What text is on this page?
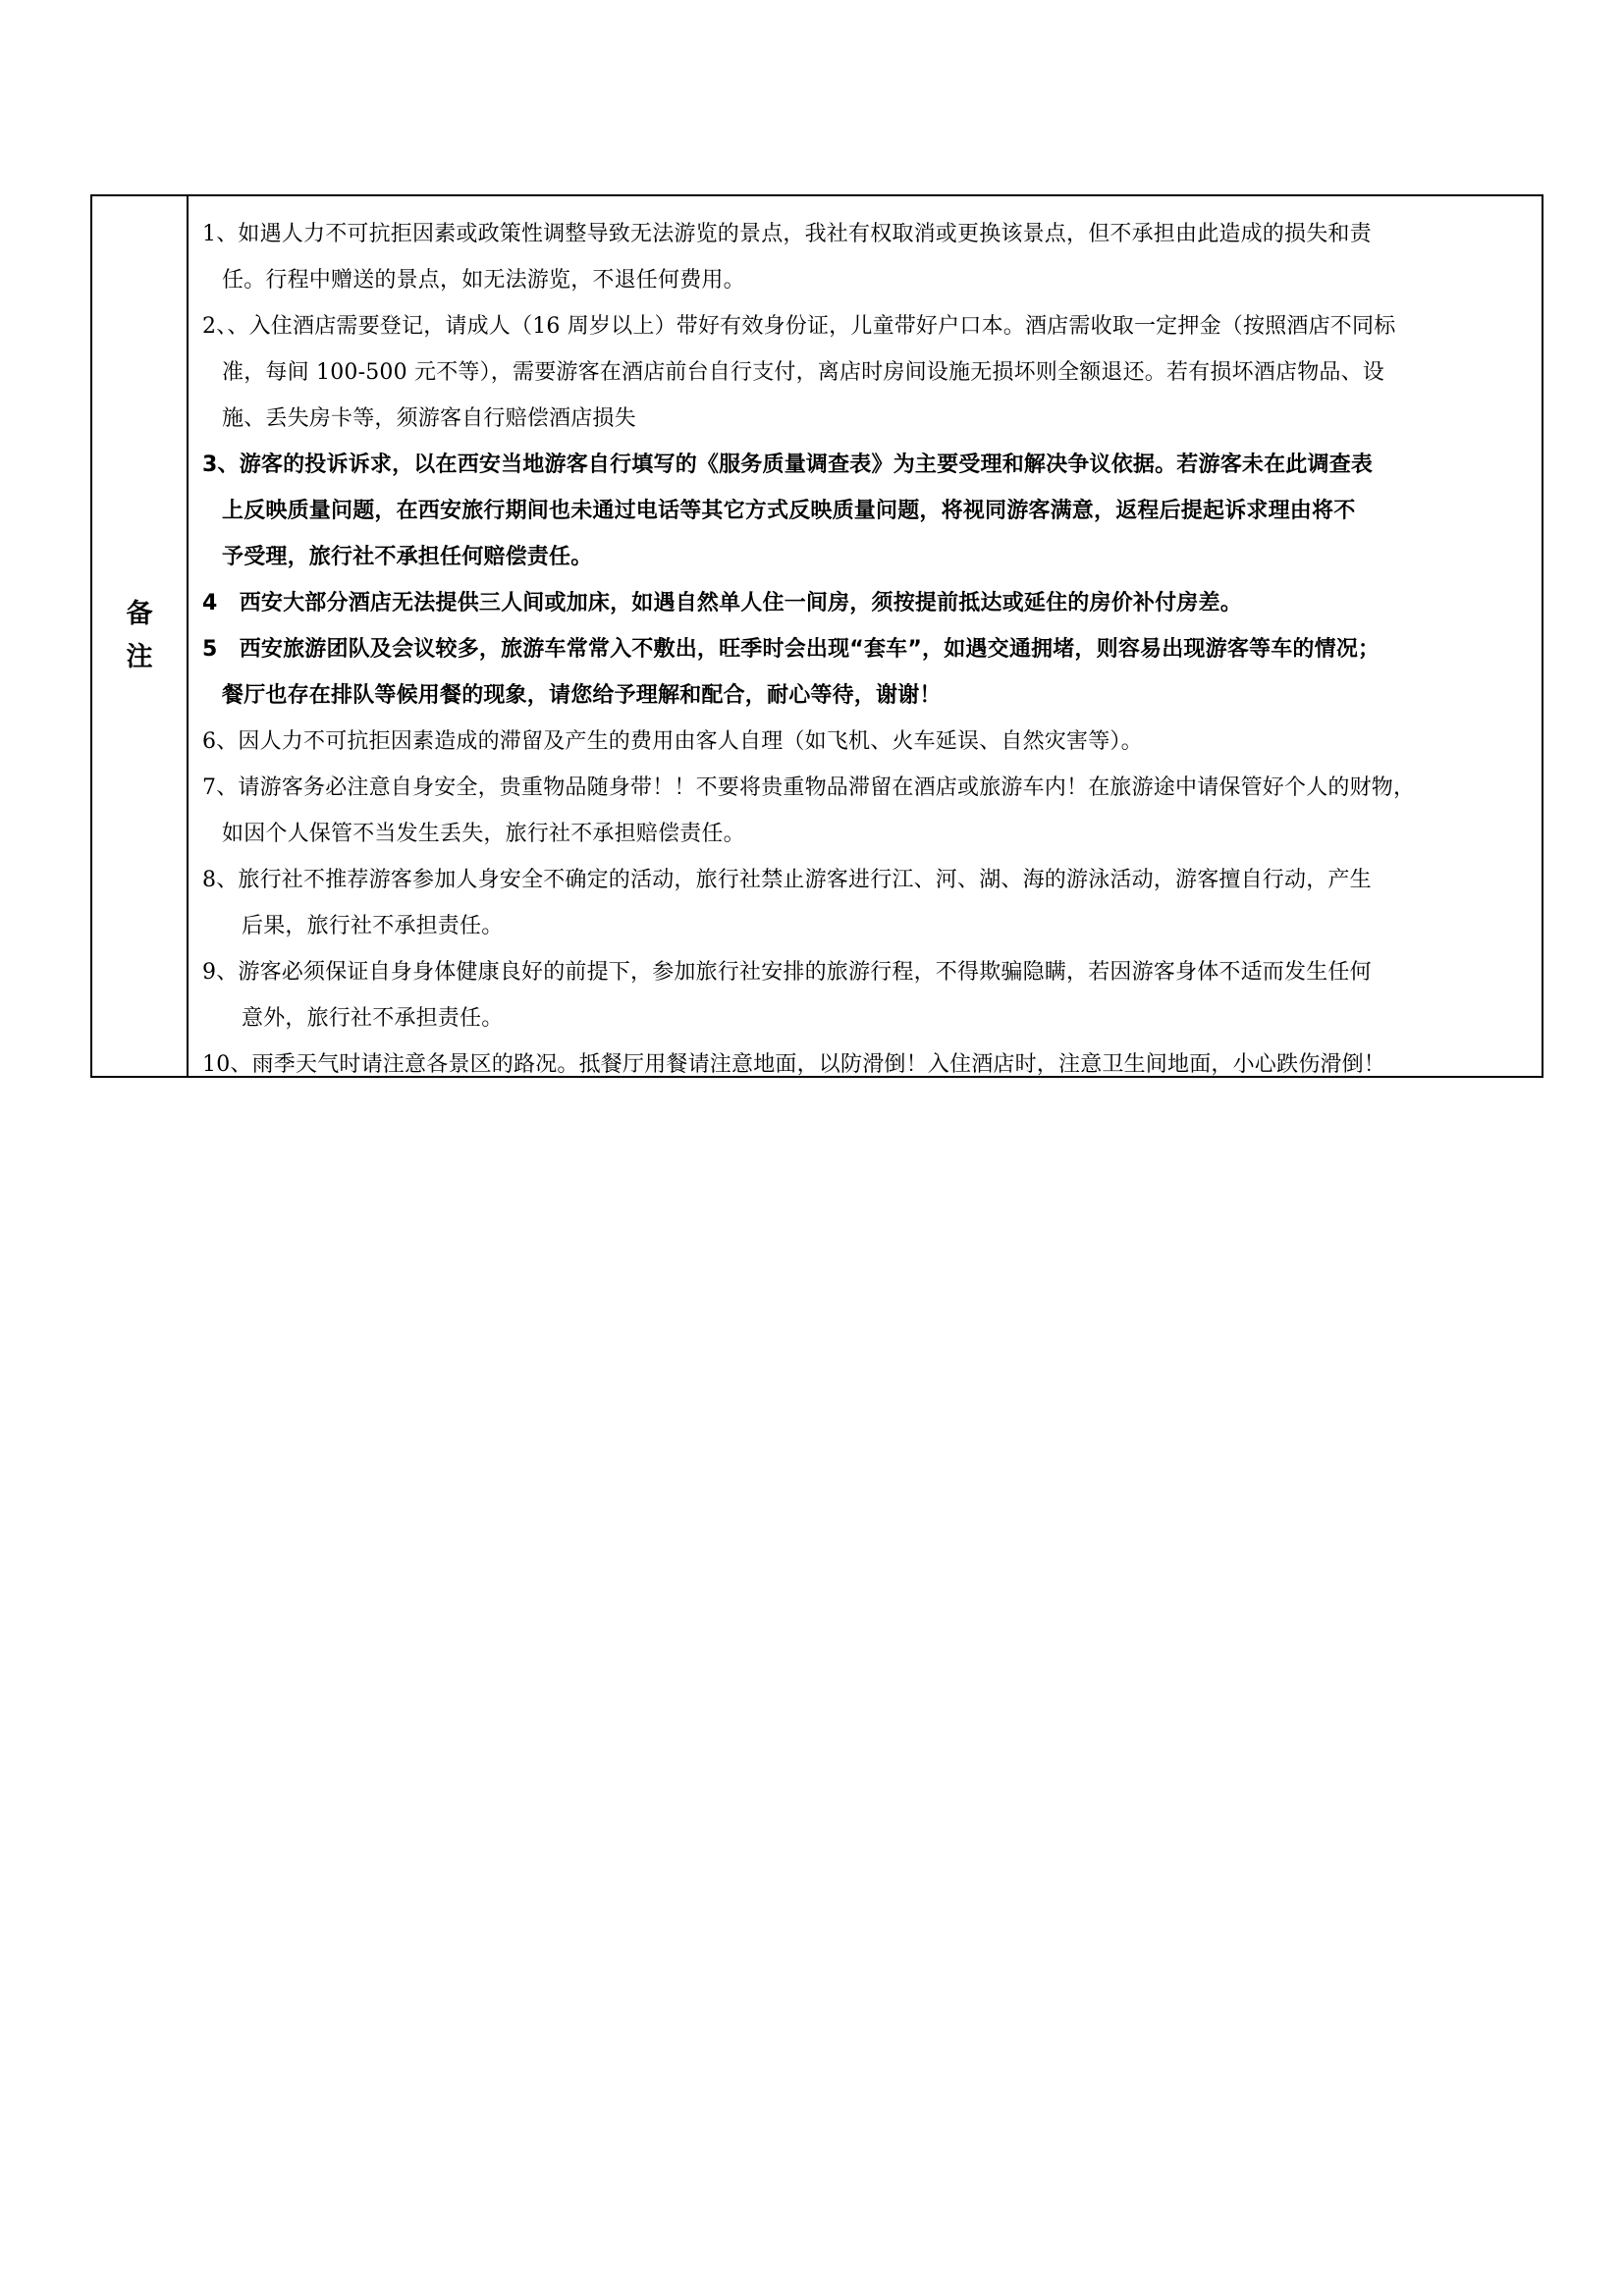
备
注
1、如遇人力不可抗拒因素或政策性调整导致无法游览的景点，我社有权取消或更换该景点，但不承担由此造成的损失和责
任。行程中赠送的景点，如无法游览，不退任何费用。
2、、入住酒店需要登记，请成人（16 周岁以上）带好有效身份证，儿童带好户口本。酒店需收取一定押金（按照酒店不同标
准，每间 100-500 元不等），需要游客在酒店前台自行支付，离店时房间设施无损坏则全额退还。若有损坏酒店物品、设
施、丢失房卡等，须游客自行赔偿酒店损失
3、游客的投诉诉求，以在西安当地游客自行填写的《服务质量调查表》为主要受理和解决争议依据。若游客未在此调查表
上反映质量问题，在西安旅行期间也未通过电话等其它方式反映质量问题，将视同游客满意，返程后提起诉求理由将不
予受理，旅行社不承担任何赔偿责任。
4　西安大部分酒店无法提供三人间或加床，如遇自然单人住一间房，须按提前抵达或延住的房价补付房差。
5　西安旅游团队及会议较多，旅游车常常入不敷出，旺季时会出现“套车”，如遇交通拥堵，则容易出现游客等车的情况；
餐厅也存在排队等候用餐的现象，请您给予理解和配合，耐心等待，谢谢！
6、因人力不可抗拒因素造成的滞留及产生的费用由客人自理（如飞机、火车延误、自然灾害等）。
7、请游客务必注意自身安全，贵重物品随身带！！不要将贵重物品滞留在酒店或旅游车内！在旅游途中请保管好个人的财物，
如因个人保管不当发生丢失，旅行社不承担赔偿责任。
8、旅行社不推荐游客参加人身安全不确定的活动，旅行社禁止游客进行江、河、湖、海的游泳活动，游客擅自行动，产生
后果，旅行社不承担责任。
9、游客必须保证自身身体健康良好的前提下，参加旅行社安排的旅游行程，不得欺骗隐瞒，若因游客身体不适而发生任何
意外，旅行社不承担责任。
10、雨季天气时请注意各景区的路况。抵餐厅用餐请注意地面，以防滑倒！入住酒店时，注意卫生间地面，小心跌伤滑倒！
